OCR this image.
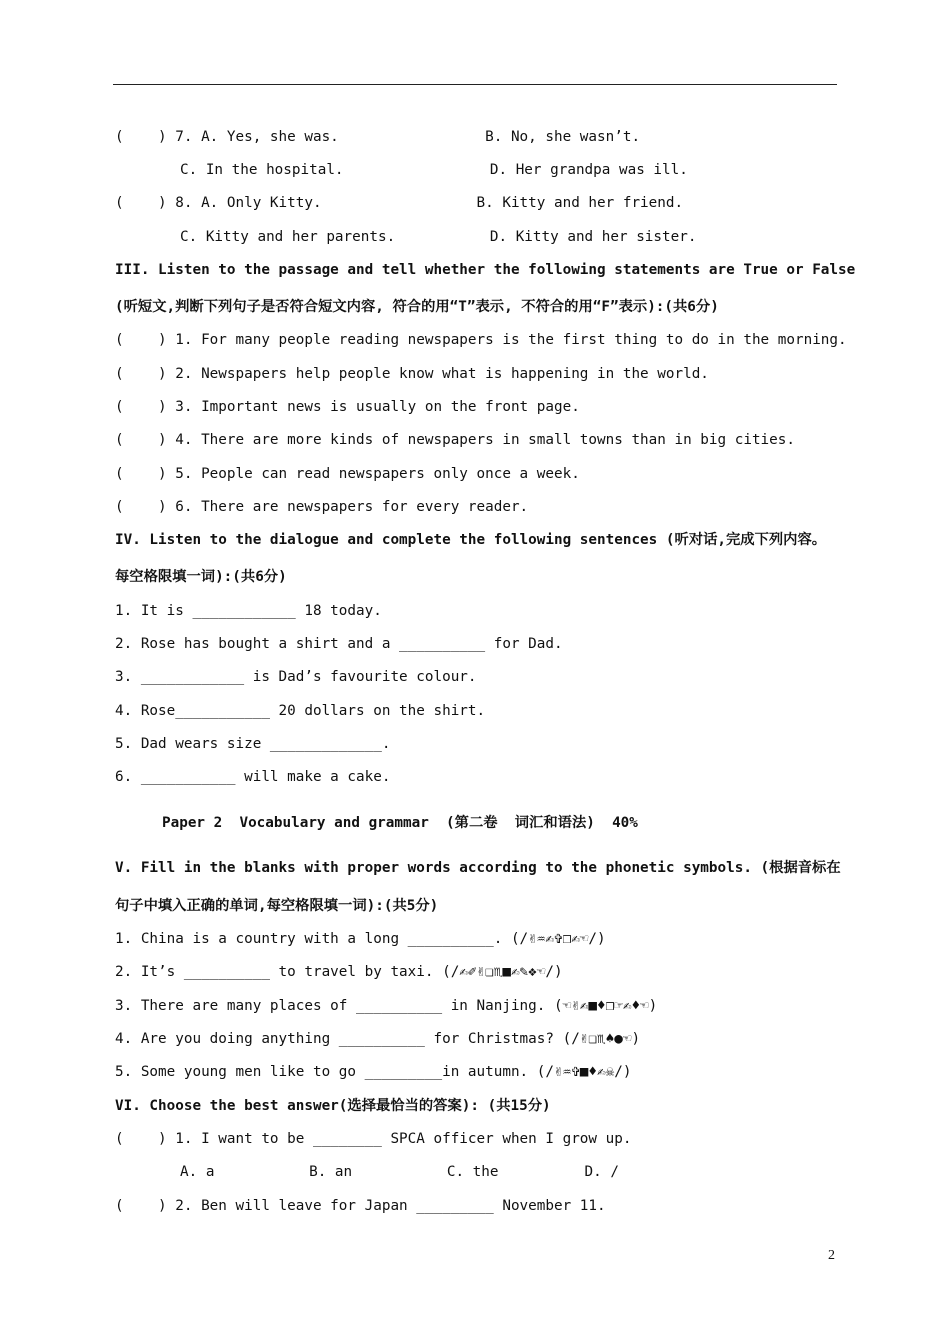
(    ) 7. A. Yes, she was.                 B. No, she wasn’t.
C. In the hospital.                 D. Her grandpa was ill.
(    ) 8. A. Only Kitty.                  B. Kitty and her friend.
C. Kitty and her parents.           D. Kitty and her sister.
III. Listen to the passage and tell whether the following statements are True or False
(听短文,判断下列句子是否符合短文内容, 符合的用“T”表示, 不符合的用“F”表示):(共6分)
(    ) 1. For many people reading newspapers is the first thing to do in the morning.
(    ) 2. Newspapers help people know what is happening in the world.
(    ) 3. Important news is usually on the front page.
(    ) 4. There are more kinds of newspapers in small towns than in big cities.
(    ) 5. People can read newspapers only once a week.
(    ) 6. There are newspapers for every reader.
IV. Listen to the dialogue and complete the following sentences (听对话,完成下列内容。
每空格限填一词):(共6分)
1. It is ____________ 18 today.
2. Rose has bought a shirt and a __________ for Dad.
3. ____________ is Dad’s favourite colour.
4. Rose___________ 20 dollars on the shirt.
5. Dad wears size _____________.
6. ___________ will make a cake.
Paper 2  Vocabulary and grammar  (第二卷  词汇和语法)  40%
V. Fill in the blanks with proper words according to the phonetic symbols. (根据音标在
句子中填入正确的单词,每空格限填一词):(共5分)
1. China is a country with a long __________. (/✌♒✍✞❒✍☜/)
2. It’s __________ to travel by taxi. (/✍✐✌❏♏■✍✎❖☜/)
3. There are many places of __________ in Nanjing. (☜✌✍■♦❒☞✍♦☜)
4. Are you doing anything __________ for Christmas? (/✌❏♏♠●☜)
5. Some young men like to go _________in autumn. (/✌♒✞■♦✍☠/)
VI. Choose the best answer(选择最恰当的答案): (共15分)
(    ) 1. I want to be ________ SPCA officer when I grow up.
A. a           B. an           C. the          D. /
(    ) 2. Ben will leave for Japan _________ November 11.
2
